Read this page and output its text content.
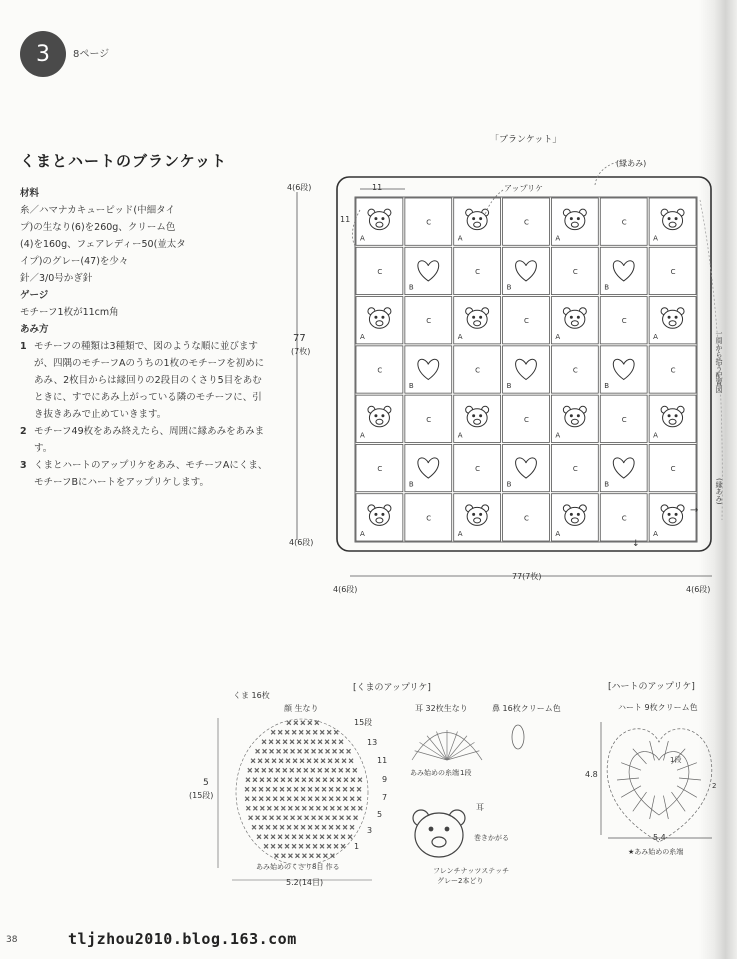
3 8ページ
くまとハートのブランケット
材料
糸／ハマナカキューピッド(中細タイ
プ)の生なり(6)を260g、クリーム色
(4)を160g、フェアレディー50(並太タ
イプ)のグレー(47)を少々
針／3/0号かぎ針
ゲージ
モチーフ1枚が11cm角
あみ方
1 モチーフの種類は3種類で、図のような順に並びますが、四隅のモチーフAのうちの1枚のモチーフを初めにあみ、2枚目からは縁回りの2段目のくさり5目をあむときに、すでにあみ上がっている隣のモチーフに、引き抜きあみで止めていきます。
2 モチーフ49枚をあみ終えたら、周囲に縁あみをあみます。
3 くまとハートのアップリケをあみ、モチーフAにくま、モチーフBにハートをアップリケします。
「ブランケット」
(縁あみ)
アップリケ
11
11
4(6段)
4(6段)
77
(7枚)
77(7枚)
4(6段)	4(6段)
一周から拾う配置図
(縁あみ)
[くまのアップリケ]
くま 16枚
顔 生なり	耳 32枚生なり	鼻 16枚クリーム色
15段
13
11
9
7
5
3
1
5
(15段)
5.2(14目)
あみ始めのくさり8目 作る
あみ始めの糸端 1段
耳
巻きかがる
フレンチナッツステッチ
グレー2本どり
[ハートのアップリケ]
ハート 9枚クリーム色
4.8
5.4
★あみ始めの糸端
1段
2
38	tljzhou2010.blog.163.com
A
C
A
C
A
C
A
C
B
C
B
C
B
C
A
C
A
C
A
C
A
C
B
C
B
C
B
C
A
C
A
C
A
C
A
C
B
C
B
C
B
C
A
C
A
C
A
C
A
→
↓
× × × × ×
× × × × × × × × × ×
× × × × × × × × × × × ×
× × × × × × × × × × × × × ×
× × × × × × × × × × × × × × ×
× × × × × × × × × × × × × × × ×
× × × × × × × × × × × × × × × × ×
× × × × × × × × × × × × × × × × ×
× × × × × × × × × × × × × × × × ×
× × × × × × × × × × × × × × × × ×
× × × × × × × × × × × × × × × ×
× × × × × × × × × × × × × × ×
× × × × × × × × × × × × × ×
× × × × × × × × × × × ×
× × × × × × × × ×
